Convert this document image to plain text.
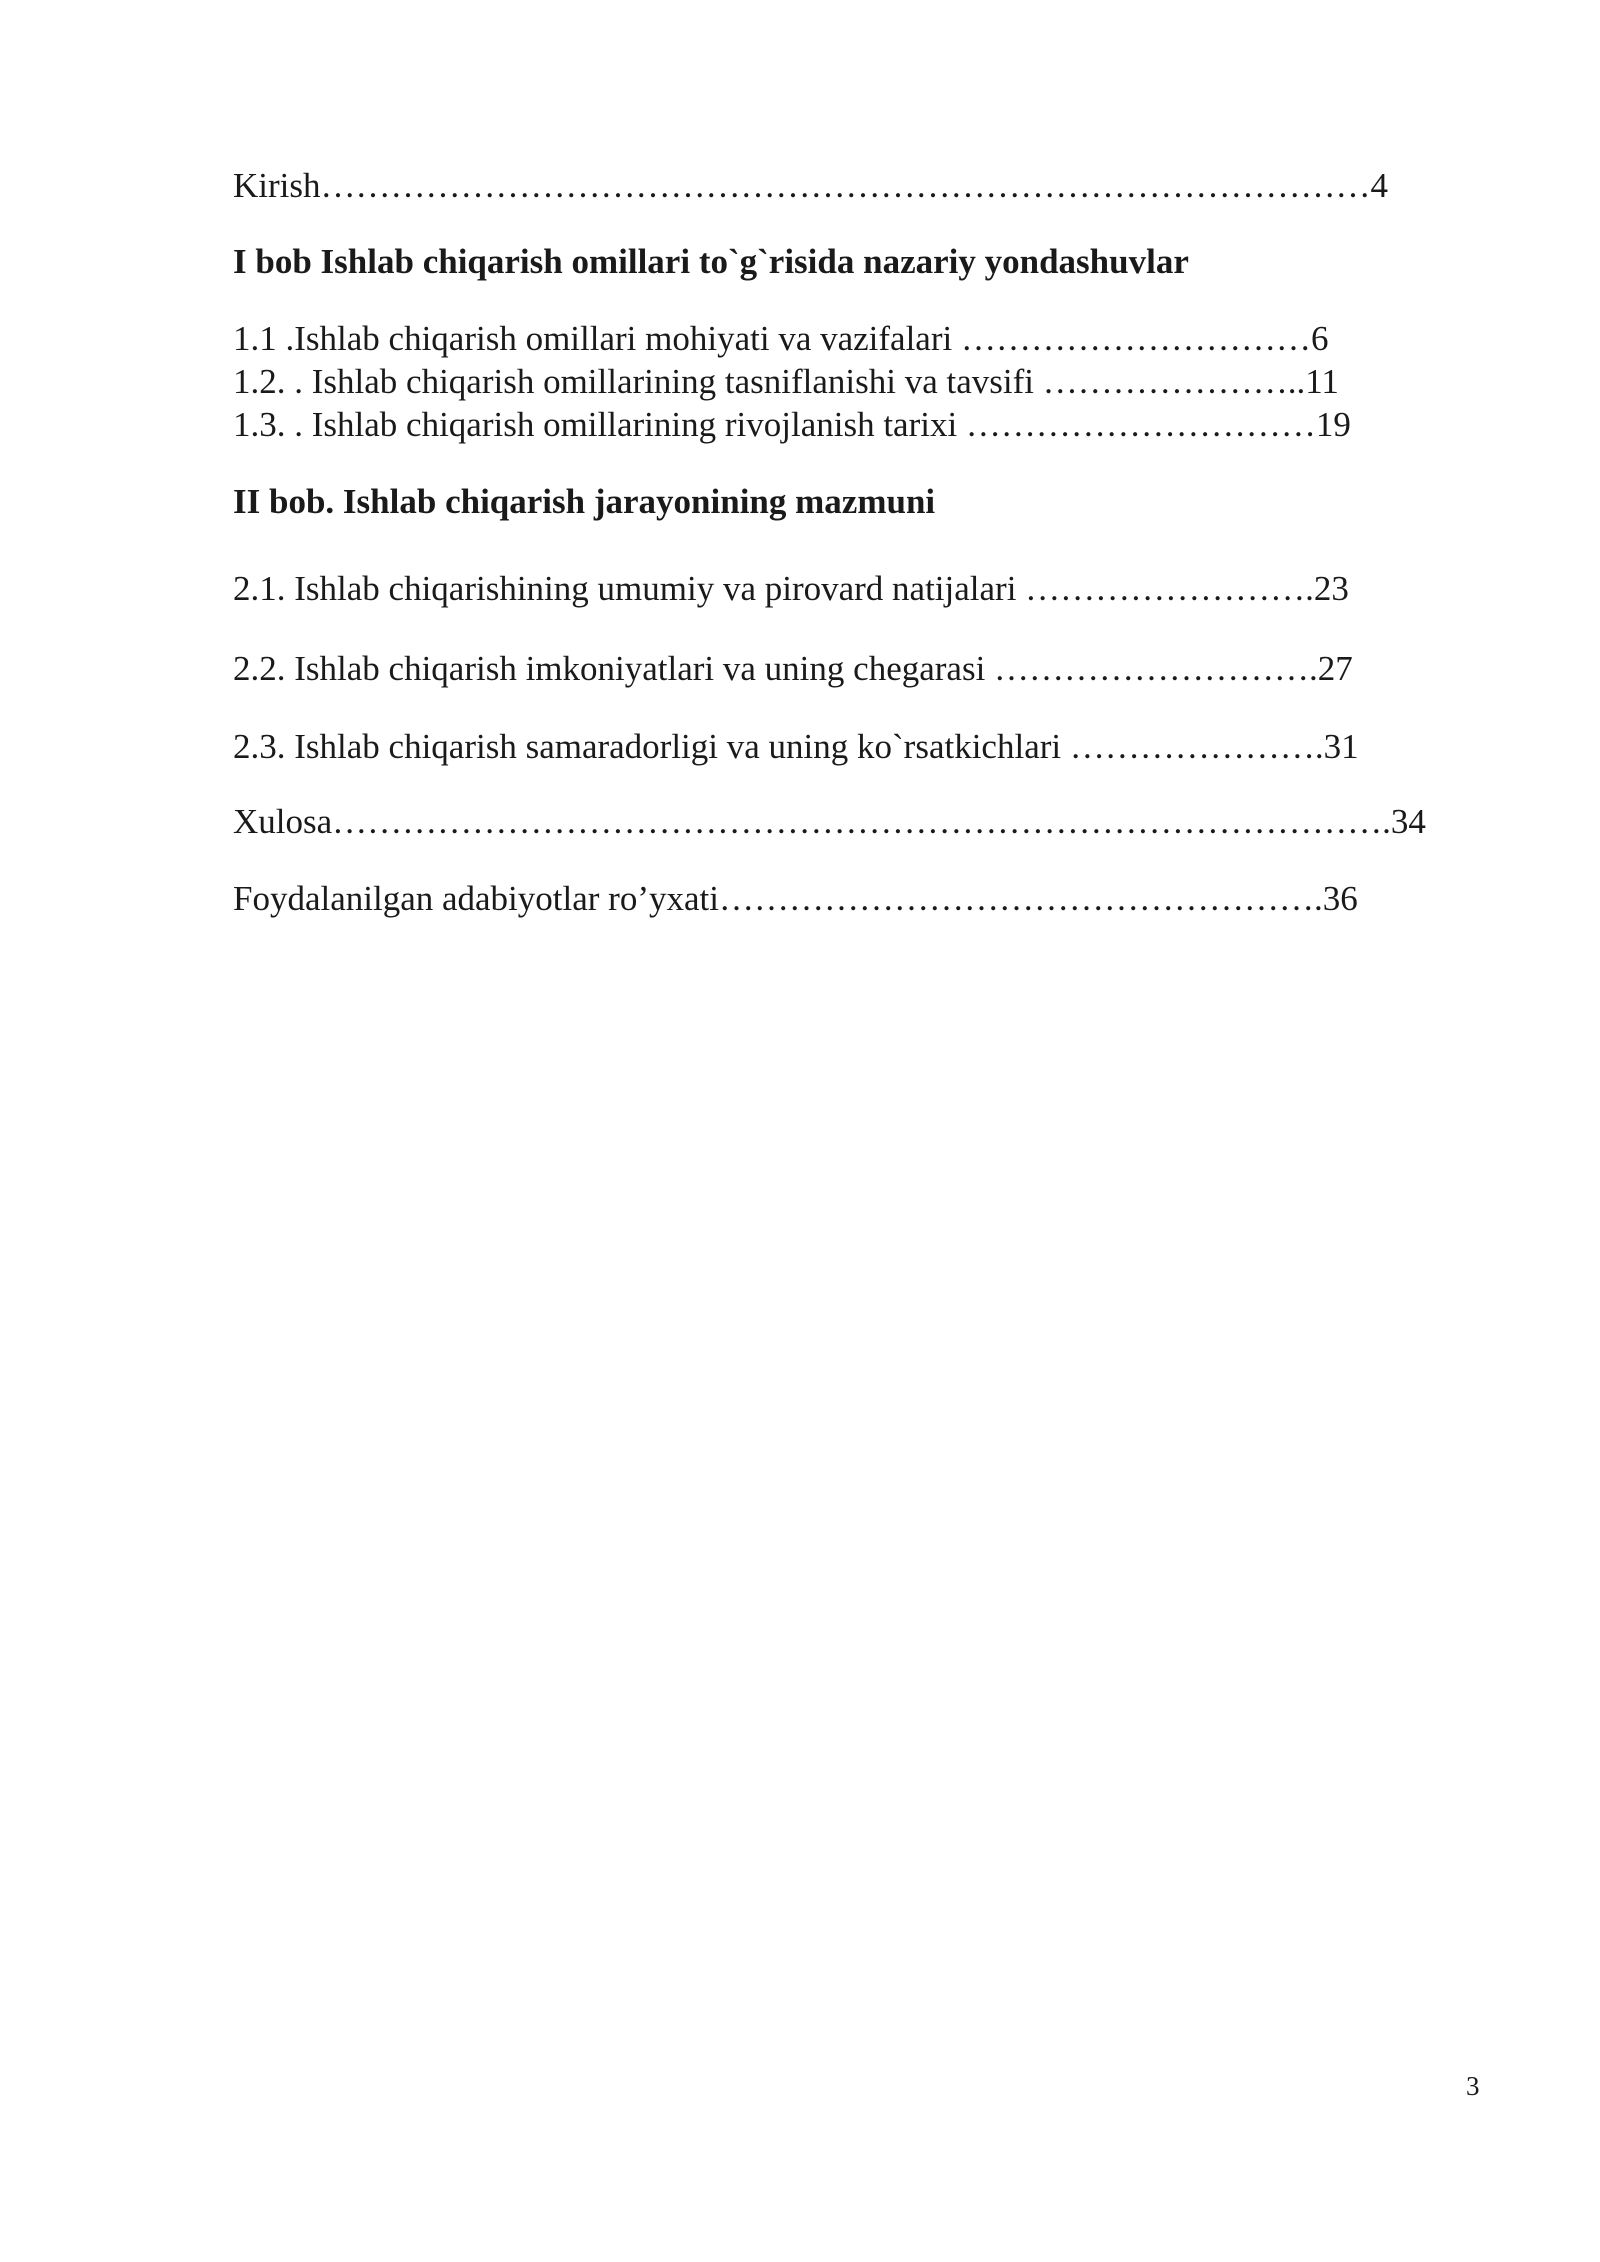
Kirish………………………………………………………………………………4
I bob Ishlab chiqarish omillari to`g`risida nazariy yondashuvlar
1.1 .Ishlab chiqarish omillari mohiyati va vazifalari …………………………6
1.2. . Ishlab chiqarish omillarining tasniflanishi va tavsifi …………………..11
1.3. . Ishlab chiqarish omillarining rivojlanish tarixi …………………………19
II bob. Ishlab chiqarish jarayonining mazmuni
2.1. Ishlab chiqarishining umumiy va pirovard natijalari …………………….23
2.2. Ishlab chiqarish imkoniyatlari va uning chegarasi ……………………….27
2.3. Ishlab chiqarish samaradorligi va uning ko`rsatkichlari ………………….31
Xulosa……………………………………………………………………………….34
Foydalanilgan adabiyotlar ro’yxati…………………………………………….36
3
